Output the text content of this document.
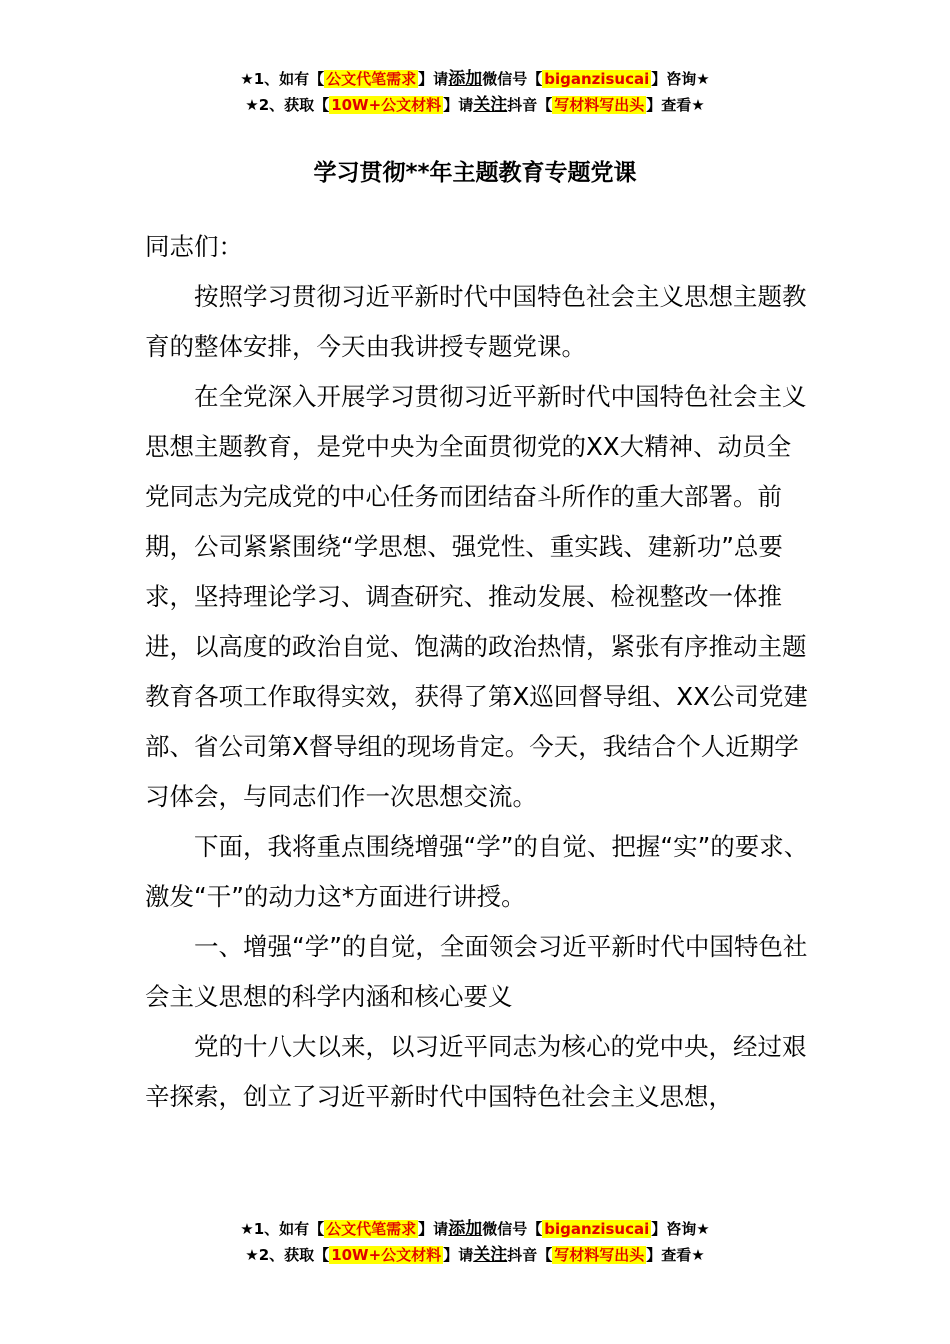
★1、如有【 公文代笔需求 】请添加微信号【 biganzisucai 】咨询★
★2、获取【 10W+公文材料 】请关注抖音【 写材料写出头 】查看★
学习贯彻**年主题教育专题党课

同志们：

按照学习贯彻习近平新时代中国特色社会主义思想主题教育的整体安排，今天由我讲授专题党课。

在全党深入开展学习贯彻习近平新时代中国特色社会主义思想主题教育，是党中央为全面贯彻党的XX大精神、动员全党同志为完成党的中心任务而团结奋斗所作的重大部署。前期，公司紧紧围绕“学思想、强党性、重实践、建新功”总要求，坚持理论学习、调查研究、推动发展、检视整改一体推进，以高度的政治自觉、饱满的政治热情，紧张有序推动主题教育各项工作取得实效，获得了第X巡回督导组、XX公司党建部、省公司第X督导组的现场肯定。今天，我结合个人近期学习体会，与同志们作一次思想交流。

下面，我将重点围绕增强“学”的自觉、把握“实”的要求、激发“干”的动力这*方面进行讲授。

一、增强“学”的自觉，全面领会习近平新时代中国特色社会主义思想的科学内涵和核心要义

党的十八大以来，以习近平同志为核心的党中央，经过艰辛探索，创立了习近平新时代中国特色社会主义思想，

★1、如有【 公文代笔需求 】请添加微信号【 biganzisucai 】咨询★
★2、获取【 10W+公文材料 】请关注抖音【 写材料写出头 】查看★
